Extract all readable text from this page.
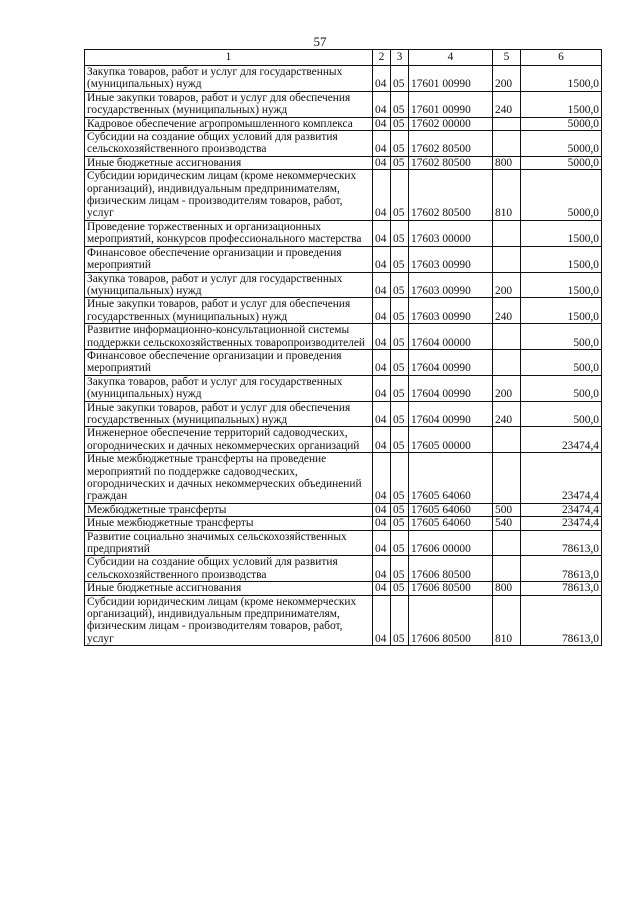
57
1	2	3	4	5	6
Закупка товаров, работ и услуг для государственных (муниципальных) нужд	04	05	17601 00990	200	1500,0
Иные закупки товаров, работ и услуг для обеспечения государственных (муниципальных) нужд	04	05	17601 00990	240	1500,0
Кадровое обеспечение агропромышленного комплекса	04	05	17602 00000		5000,0
Субсидии на создание общих условий для развития сельскохозяйственного производства	04	05	17602 80500		5000,0
Иные бюджетные ассигнования	04	05	17602 80500	800	5000,0
Субсидии юридическим лицам (кроме некоммерческих организаций), индивидуальным предпринимателям, физическим лицам - производителям товаров, работ, услуг	04	05	17602 80500	810	5000,0
Проведение торжественных и организационных мероприятий, конкурсов профессионального мастерства	04	05	17603 00000		1500,0
Финансовое обеспечение организации и проведения мероприятий	04	05	17603 00990		1500,0
Закупка товаров, работ и услуг для государственных (муниципальных) нужд	04	05	17603 00990	200	1500,0
Иные закупки товаров, работ и услуг для обеспечения государственных (муниципальных) нужд	04	05	17603 00990	240	1500,0
Развитие информационно-консультационной системы поддержки сельскохозяйственных товаропроизводителей	04	05	17604 00000		500,0
Финансовое обеспечение организации и проведения мероприятий	04	05	17604 00990		500,0
Закупка товаров, работ и услуг для государственных (муниципальных) нужд	04	05	17604 00990	200	500,0
Иные закупки товаров, работ и услуг для обеспечения государственных (муниципальных) нужд	04	05	17604 00990	240	500,0
Инженерное обеспечение территорий садоводческих, огороднических и дачных некоммерческих организаций	04	05	17605 00000		23474,4
Иные межбюджетные трансферты на проведение мероприятий по поддержке садоводческих, огороднических и дачных некоммерческих объединений граждан	04	05	17605 64060		23474,4
Межбюджетные трансферты	04	05	17605 64060	500	23474,4
Иные межбюджетные трансферты	04	05	17605 64060	540	23474,4
Развитие социально значимых сельскохозяйственных предприятий	04	05	17606 00000		78613,0
Субсидии на создание общих условий для развития сельскохозяйственного производства	04	05	17606 80500		78613,0
Иные бюджетные ассигнования	04	05	17606 80500	800	78613,0
Субсидии юридическим лицам (кроме некоммерческих организаций), индивидуальным предпринимателям, физическим лицам - производителям товаров, работ, услуг	04	05	17606 80500	810	78613,0
